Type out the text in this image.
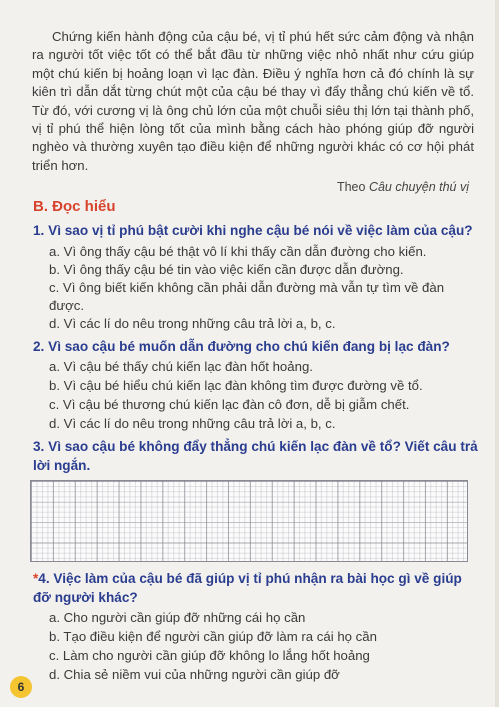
Chứng kiến hành động của cậu bé, vị tỉ phú hết sức cảm động và nhận ra người tốt việc tốt có thể bắt đầu từ những việc nhỏ nhất như cứu giúp một chú kiến bị hoảng loạn vì lạc đàn. Điều ý nghĩa hơn cả đó chính là sự kiên trì dẫn dắt từng chút một của cậu bé thay vì đẩy thẳng chú kiến về tổ. Từ đó, với cương vị là ông chủ lớn của một chuỗi siêu thị lớn tại thành phố, vị tỉ phú thể hiện lòng tốt của mình bằng cách hào phóng giúp đỡ người nghèo và thường xuyên tạo điều kiện để những người khác có cơ hội phát triển hơn.

Theo Câu chuyện thú vị
B. Đọc hiểu
1. Vì sao vị tỉ phú bật cười khi nghe cậu bé nói về việc làm của cậu?
a. Vì ông thấy cậu bé thật vô lí khi thấy cần dẫn đường cho kiến.
b. Vì ông thấy cậu bé tin vào việc kiến cần được dẫn đường.
c. Vì ông biết kiến không cần phải dẫn đường mà vẫn tự tìm về đàn được.
d. Vì các lí do nêu trong những câu trả lời a, b, c.
2. Vì sao cậu bé muốn dẫn đường cho chú kiến đang bị lạc đàn?
a. Vì cậu bé thấy chú kiến lạc đàn hốt hoảng.
b. Vì cậu bé hiểu chú kiến lạc đàn không tìm được đường về tổ.
c. Vì cậu bé thương chú kiến lạc đàn cô đơn, dễ bị giẫm chết.
d. Vì các lí do nêu trong những câu trả lời a, b, c.
3. Vì sao cậu bé không đẩy thẳng chú kiến lạc đàn về tổ? Viết câu trả lời ngắn.
*4. Việc làm của cậu bé đã giúp vị tỉ phú nhận ra bài học gì về giúp đỡ người khác?
a. Cho người cần giúp đỡ những cái họ cần
b. Tạo điều kiện để người cần giúp đỡ làm ra cái họ cần
c. Làm cho người cần giúp đỡ không lo lắng hốt hoảng
d. Chia sẻ niềm vui của những người cần giúp đỡ
6
